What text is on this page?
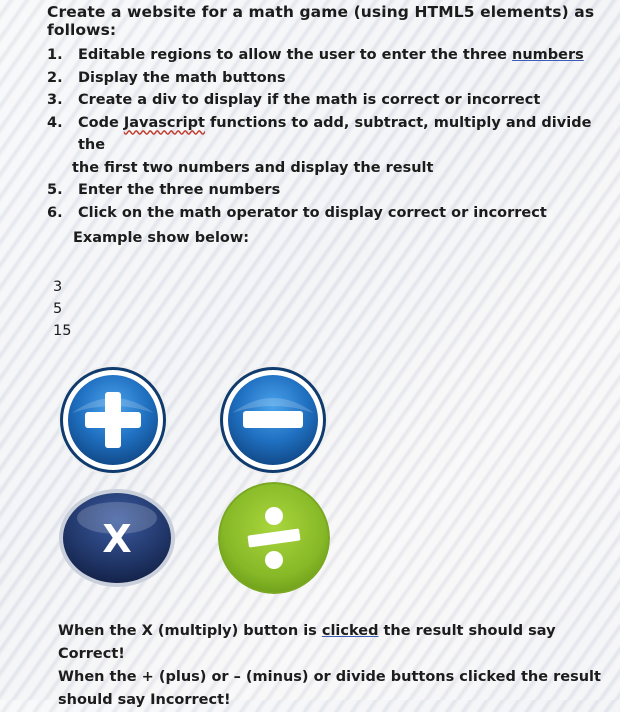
Create a website for a math game (using HTML5 elements) as follows:
1. Editable regions to allow the user to enter the three numbers
2. Display the math buttons
3. Create a div to display if the math is correct or incorrect
4. Code Javascript functions to add, subtract, multiply and divide the
the first two numbers and display the result
5. Enter the three numbers
6. Click on the math operator to display correct or incorrect
Example show below:
3
5
15
X
When the X (multiply) button is clicked the result should say Correct!
When the + (plus) or – (minus) or divide buttons clicked the result
should say Incorrect!
